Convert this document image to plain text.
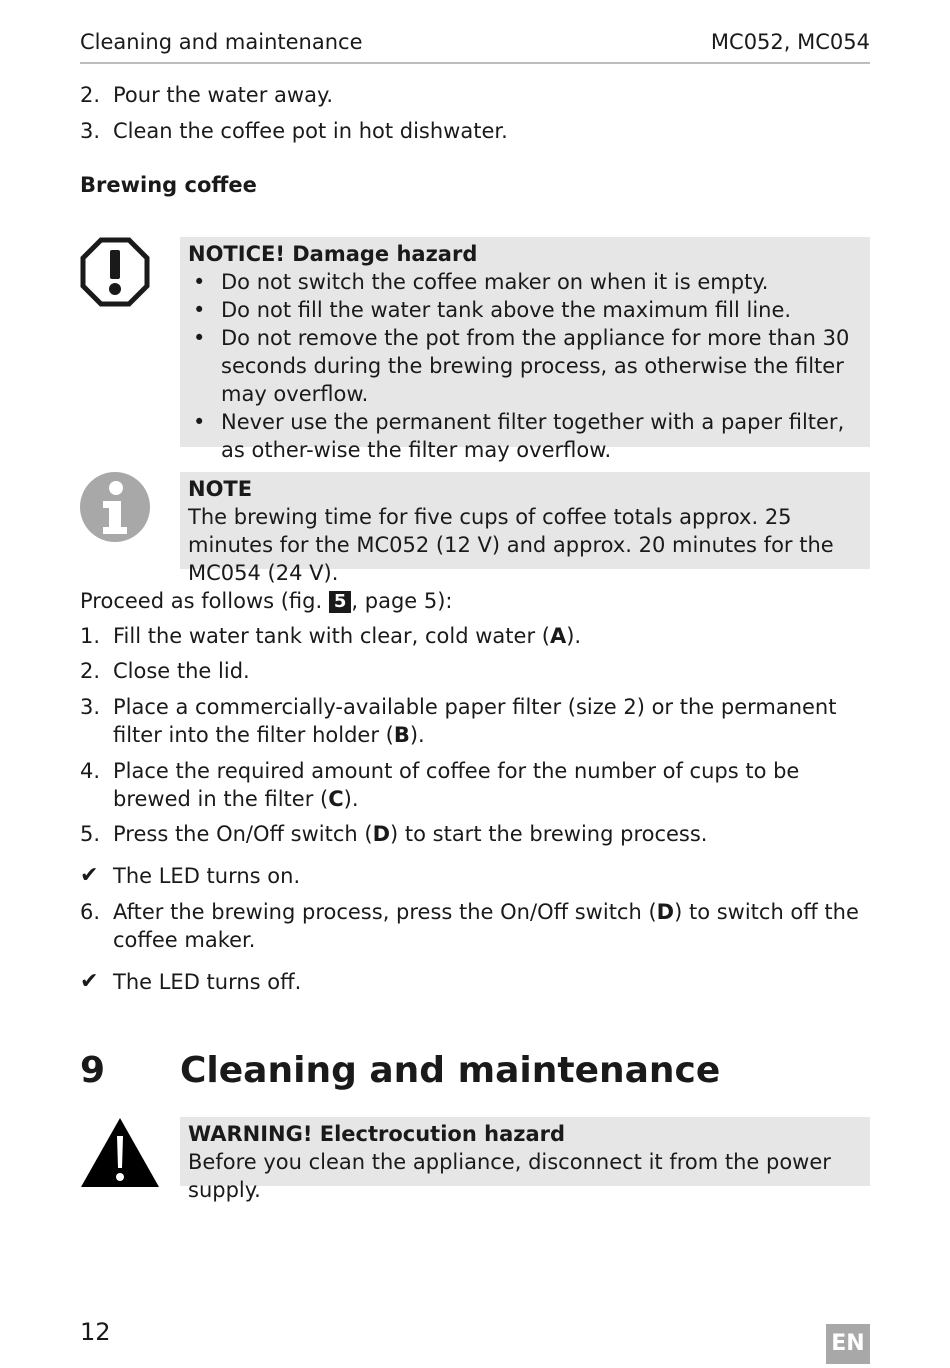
Cleaning and maintenance	MC052, MC054
2. Pour the water away.
3. Clean the coffee pot in hot dishwater.
Brewing coffee
NOTICE! Damage hazard
• Do not switch the coffee maker on when it is empty.
• Do not fill the water tank above the maximum fill line.
• Do not remove the pot from the appliance for more than 30 seconds during the brewing process, as otherwise the filter may overflow.
• Never use the permanent filter together with a paper filter, as other-wise the filter may overflow.
NOTE
The brewing time for five cups of coffee totals approx. 25 minutes for the MC052 (12 V) and approx. 20 minutes for the MC054 (24 V).
Proceed as follows (fig. 5 , page 5):
1. Fill the water tank with clear, cold water (A).
2. Close the lid.
3. Place a commercially-available paper filter (size 2) or the permanent filter into the filter holder (B).
4. Place the required amount of coffee for the number of cups to be brewed in the filter (C).
5. Press the On/Off switch (D) to start the brewing process.
✔ The LED turns on.
6. After the brewing process, press the On/Off switch (D) to switch off the coffee maker.
✔ The LED turns off.
9 Cleaning and maintenance
WARNING! Electrocution hazard
Before you clean the appliance, disconnect it from the power supply.
12	EN
